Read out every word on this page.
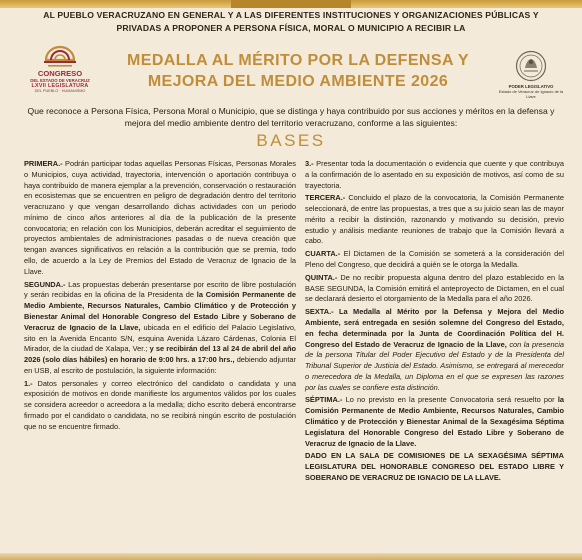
AL PUEBLO VERACRUZANO EN GENERAL Y A LAS DIFERENTES INSTITUCIONES Y ORGANIZACIONES PÚBLICAS Y PRIVADAS A PROPONER A PERSONA FÍSICA, MORAL O MUNICIPIO A RECIBIR LA
CONGRESO
DEL ESTADO DE VERACRUZ
LXVII LEGISLATURA
DEL PUEBLO · HUMANISMO
MEDALLA AL MÉRITO POR LA DEFENSA Y MEJORA DEL MEDIO AMBIENTE 2026	PODER LEGISLATIVO
Estado de Veracruz de Ignacio de la Llave
Que reconoce a Persona Física, Persona Moral o Municipio, que se distinga y haya contribuido por sus acciones y méritos en la defensa y mejora del medio ambiente dentro del territorio veracruzano, conforme a las siguientes:
BASES

PRIMERA.- Podrán participar todas aquellas Personas Físicas, Personas Morales o Municipios, cuya actividad, trayectoria, intervención o aportación contribuya o haya contribuido de manera ejemplar a la prevención, conservación o restauración en ecosistemas que se encuentren en peligro de degradación dentro del territorio veracruzano y que vengan desarrollando dichas actividades con un periodo mínimo de cinco años anteriores al día de la publicación de la presente convocatoria; en relación con los Municipios, deberán acreditar el seguimiento de proyectos ambientales de administraciones pasadas o de nueva creación que tengan avances significativos en relación a la contribución que se premia, todo ello, de acuerdo a la Ley de Premios del Estado de Veracruz de Ignacio de la Llave.

SEGUNDA.- Las propuestas deberán presentarse por escrito de libre postulación y serán recibidas en la oficina de la Presidenta de la Comisión Permanente de Medio Ambiente, Recursos Naturales, Cambio Climático y de Protección y Bienestar Animal del Honorable Congreso del Estado Libre y Soberano de Veracruz de Ignacio de la Llave, ubicada en el edificio del Palacio Legislativo, sito en la Avenida Encanto S/N, esquina Avenida Lázaro Cárdenas, Colonia El Mirador, de la ciudad de Xalapa, Ver.; y se recibirán del 13 al 24 de abril del año 2026 (solo días hábiles) en horario de 9:00 hrs. a 17:00 hrs., debiendo adjuntar en USB, al escrito de postulación, la siguiente información:

1.- Datos personales y correo electrónico del candidato o candidata y una exposición de motivos en donde manifieste los argumentos válidos por los cuales se considera acreedor o acreedora a la medalla; dicho escrito deberá encontrarse firmado por el candidato o candidata, no se recibirá ningún escrito de postulación que no se encuentre firmado.

3.- Presentar toda la documentación o evidencia que cuente y que contribuya a la confirmación de lo asentado en su exposición de motivos, así como de su trayectoria.

TERCERA.- Concluido el plazo de la convocatoria, la Comisión Permanente seleccionará, de entre las propuestas, a tres que a su juicio sean las de mayor mérito a recibir la distinción, razonando y motivando su decisión, previo estudio y análisis mediante reuniones de trabajo que la Comisión llevará a cabo.

CUARTA.- El Dictamen de la Comisión se someterá a la consideración del Pleno del Congreso, que decidirá a quién se le otorga la Medalla.

QUINTA.- De no recibir propuesta alguna dentro del plazo establecido en la BASE SEGUNDA, la Comisión emitirá el anteproyecto de Dictamen, en el cual se declarará desierto el otorgamiento de la Medalla para el año 2026.

SEXTA.- La Medalla al Mérito por la Defensa y Mejora del Medio Ambiente, será entregada en sesión solemne del Congreso del Estado, en fecha determinada por la Junta de Coordinación Política del H. Congreso del Estado de Veracruz de Ignacio de la Llave, con la presencia de la persona Titular del Poder Ejecutivo del Estado y de la Presidenta del Tribunal Superior de Justicia del Estado. Asimismo, se entregará al merecedor o merecedora de la Medalla, un Diploma en el que se expresen las razones por las cuales se confiere esta distinción.

SÉPTIMA.- Lo no previsto en la presente Convocatoria será resuelto por la Comisión Permanente de Medio Ambiente, Recursos Naturales, Cambio Climático y de Protección y Bienestar Animal de la Sexagésima Séptima Legislatura del Honorable Congreso del Estado Libre y Soberano de Veracruz de Ignacio de la Llave.

DADO EN LA SALA DE COMISIONES DE LA SEXAGÉSIMA SÉPTIMA LEGISLATURA DEL HONORABLE CONGRESO DEL ESTADO LIBRE Y SOBERANO DE VERACRUZ DE IGNACIO DE LA LLAVE.
